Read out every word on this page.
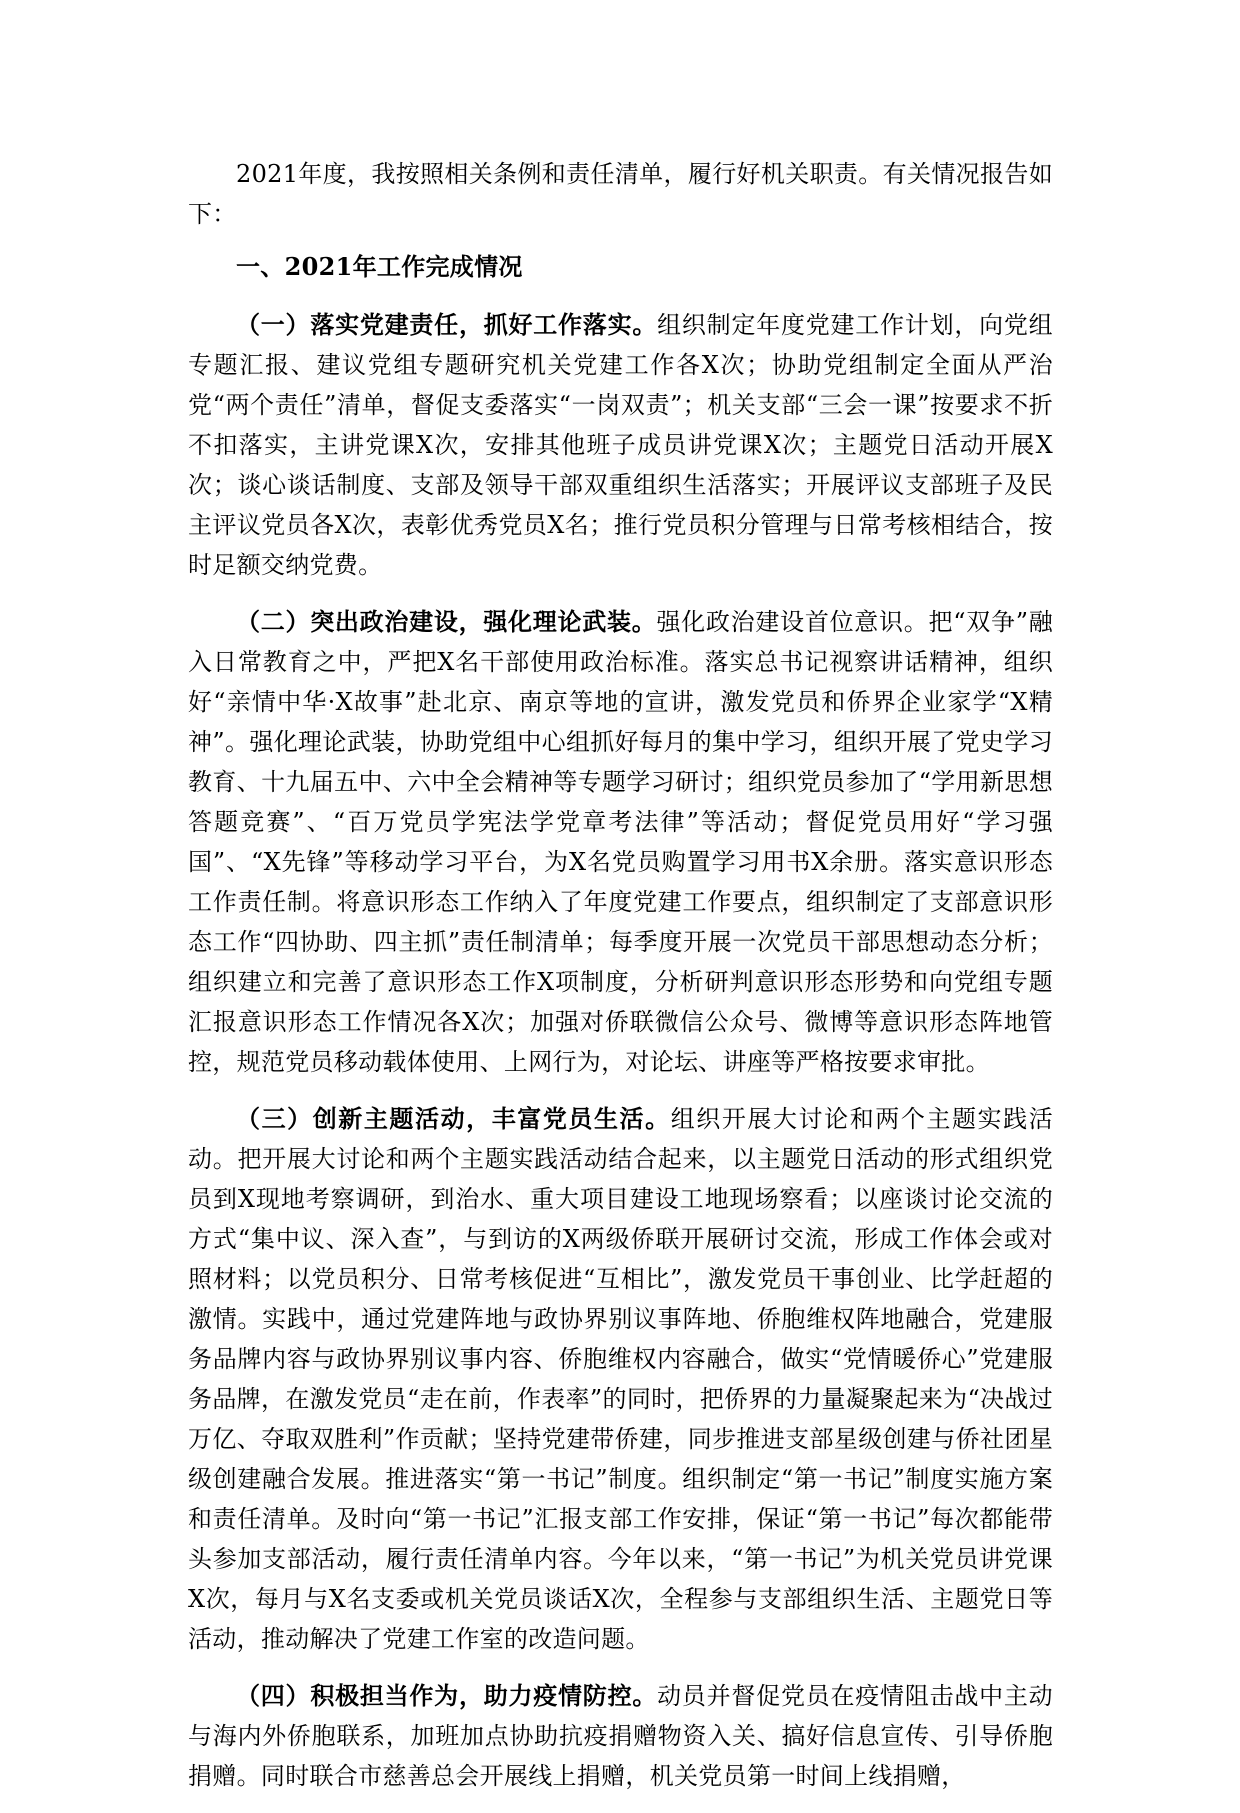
2021年度，我按照相关条例和责任清单，履行好机关职责。有关情况报告如下：

一、2021年工作完成情况

（一）落实党建责任，抓好工作落实。组织制定年度党建工作计划，向党组专题汇报、建议党组专题研究机关党建工作各X次；协助党组制定全面从严治党“两个责任”清单，督促支委落实“一岗双责”；机关支部“三会一课”按要求不折不扣落实，主讲党课X次，安排其他班子成员讲党课X次；主题党日活动开展X次；谈心谈话制度、支部及领导干部双重组织生活落实；开展评议支部班子及民主评议党员各X次，表彰优秀党员X名；推行党员积分管理与日常考核相结合，按时足额交纳党费。

（二）突出政治建设，强化理论武装。强化政治建设首位意识。把“双争”融入日常教育之中，严把X名干部使用政治标准。落实总书记视察讲话精神，组织好“亲情中华·X故事”赴北京、南京等地的宣讲，激发党员和侨界企业家学“X精神”。强化理论武装，协助党组中心组抓好每月的集中学习，组织开展了党史学习教育、十九届五中、六中全会精神等专题学习研讨；组织党员参加了“学用新思想答题竞赛”、“百万党员学宪法学党章考法律”等活动；督促党员用好“学习强国”、“X先锋”等移动学习平台，为X名党员购置学习用书X余册。落实意识形态工作责任制。将意识形态工作纳入了年度党建工作要点，组织制定了支部意识形态工作“四协助、四主抓”责任制清单；每季度开展一次党员干部思想动态分析；组织建立和完善了意识形态工作X项制度，分析研判意识形态形势和向党组专题汇报意识形态工作情况各X次；加强对侨联微信公众号、微博等意识形态阵地管控，规范党员移动载体使用、上网行为，对论坛、讲座等严格按要求审批。

（三）创新主题活动，丰富党员生活。组织开展大讨论和两个主题实践活动。把开展大讨论和两个主题实践活动结合起来，以主题党日活动的形式组织党员到X现地考察调研，到治水、重大项目建设工地现场察看；以座谈讨论交流的方式“集中议、深入查”，与到访的X两级侨联开展研讨交流，形成工作体会或对照材料；以党员积分、日常考核促进“互相比”，激发党员干事创业、比学赶超的激情。实践中，通过党建阵地与政协界别议事阵地、侨胞维权阵地融合，党建服务品牌内容与政协界别议事内容、侨胞维权内容融合，做实“党情暖侨心”党建服务品牌，在激发党员“走在前，作表率”的同时，把侨界的力量凝聚起来为“决战过万亿、夺取双胜利”作贡献；坚持党建带侨建，同步推进支部星级创建与侨社团星级创建融合发展。推进落实“第一书记”制度。组织制定“第一书记”制度实施方案和责任清单。及时向“第一书记”汇报支部工作安排，保证“第一书记”每次都能带头参加支部活动，履行责任清单内容。今年以来，“第一书记”为机关党员讲党课X次，每月与X名支委或机关党员谈话X次，全程参与支部组织生活、主题党日等活动，推动解决了党建工作室的改造问题。

（四）积极担当作为，助力疫情防控。动员并督促党员在疫情阻击战中主动与海内外侨胞联系，加班加点协助抗疫捐赠物资入关、搞好信息宣传、引导侨胞捐赠。同时联合市慈善总会开展线上捐赠，机关党员第一时间上线捐赠，
